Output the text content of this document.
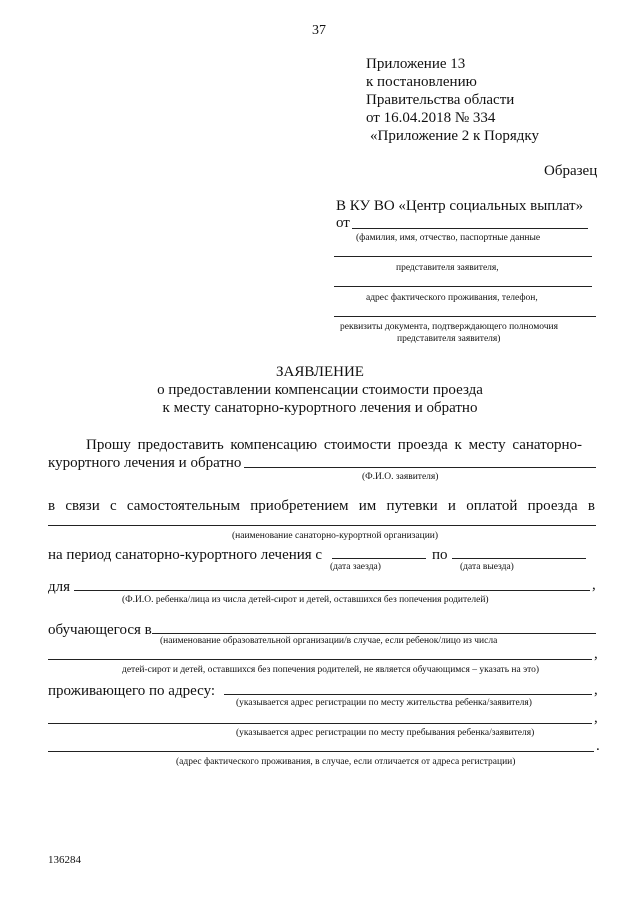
37
Приложение 13
к постановлению
Правительства области
от 16.04.2018 № 334
«Приложение 2 к Порядку
Образец
В КУ ВО «Центр социальных выплат»
от
(фамилия, имя, отчество, паспортные данные
представителя заявителя,
адрес фактического проживания, телефон,
реквизиты документа, подтверждающего полномочия
представителя заявителя)
ЗАЯВЛЕНИЕ
о предоставлении компенсации стоимости проезда
к месту санаторно-курортного лечения и обратно
Прошу предоставить компенсацию стоимости проезда к месту санаторно-
курортного лечения и обратно
(Ф.И.О. заявителя)
в связи с самостоятельным приобретением им путевки и оплатой проезда в
(наименование санаторно-курортной организации)
на период санаторно-курортного лечения с	по
(дата заезда)	(дата выезда)
для	,
(Ф.И.О. ребенка/лица из числа детей-сирот и детей, оставшихся без попечения родителей)
обучающегося в
(наименование образовательной организации/в случае, если ребенок/лицо из числа
,
детей-сирот и детей, оставшихся без попечения родителей, не является обучающимся – указать на это)
проживающего по адресу:	,
(указывается адрес регистрации по месту жительства ребенка/заявителя)
,
(указывается адрес регистрации по месту пребывания ребенка/заявителя)
.
(адрес фактического проживания, в случае, если отличается от адреса регистрации)
136284
